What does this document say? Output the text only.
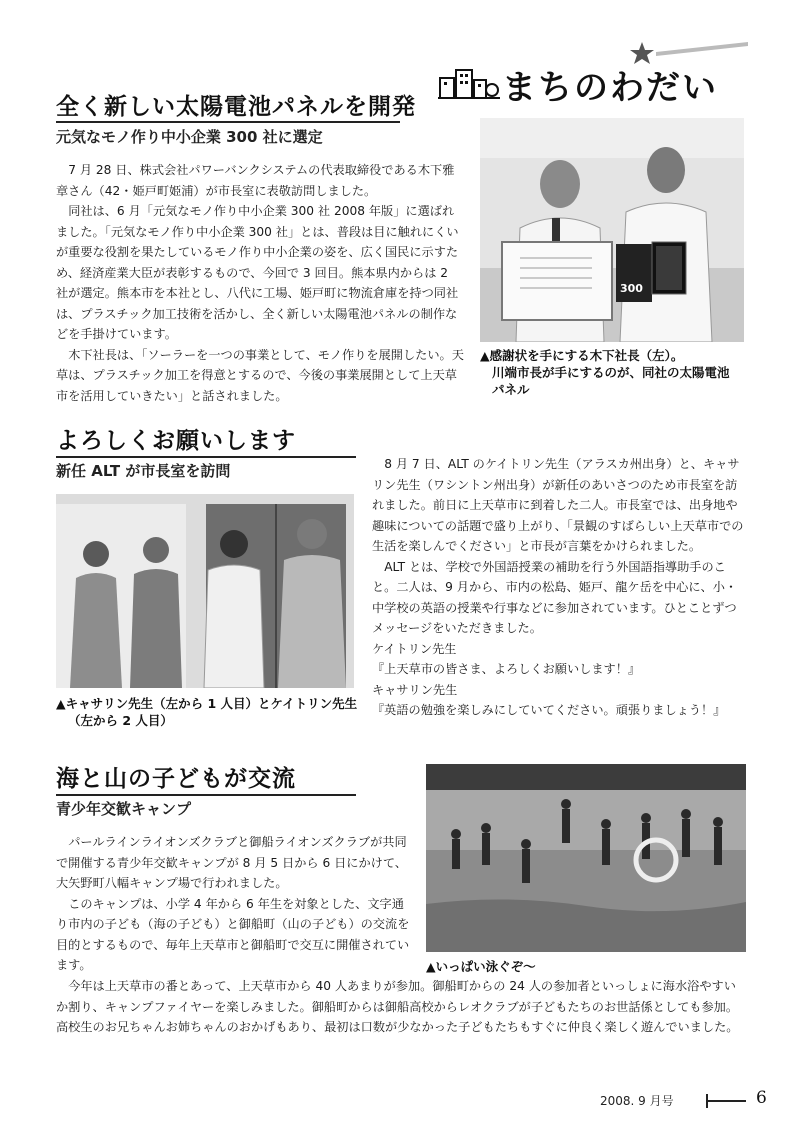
まちのわだい
全く新しい太陽電池パネルを開発
元気なモノ作り中小企業 300 社に選定

7 月 28 日、株式会社パワーバンクシステムの代表取締役である木下雅章さん（42・姫戸町姫浦）が市長室に表敬訪問しました。

同社は、6 月「元気なモノ作り中小企業 300 社 2008 年版」に選ばれました。「元気なモノ作り中小企業 300 社」とは、普段は目に触れにくいが重要な役割を果たしているモノ作り中小企業の姿を、広く国民に示すため、経済産業大臣が表彰するもので、今回で 3 回目。熊本県内からは 2 社が選定。熊本市を本社とし、八代に工場、姫戸町に物流倉庫を持つ同社は、プラスチック加工技術を活かし、全く新しい太陽電池パネルの制作などを手掛けています。

木下社長は、「ソーラーを一つの事業として、モノ作りを展開したい。天草は、プラスチック加工を得意とするので、今後の事業展開として上天草市を活用していきたい」と話されました。

300
▲感謝状を手にする木下社長（左）。
川端市長が手にするのが、同社の太陽電池
パネル
よろしくお願いします
新任 ALT が市長室を訪問
▲キャサリン先生（左から 1 人目）とケイトリン先生
（左から 2 人目）

8 月 7 日、ALT のケイトリン先生（アラスカ州出身）と、キャサリン先生（ワシントン州出身）が新任のあいさつのため市長室を訪れました。前日に上天草市に到着した二人。市長室では、出身地や趣味についての話題で盛り上がり、「景観のすばらしい上天草市での生活を楽しんでください」と市長が言葉をかけられました。

ALT とは、学校で外国語授業の補助を行う外国語指導助手のこと。二人は、9 月から、市内の松島、姫戸、龍ケ岳を中心に、小・中学校の英語の授業や行事などに参加されています。ひとことずつメッセージをいただきました。

ケイトリン先生

『上天草市の皆さま、よろしくお願いします！』

キャサリン先生

『英語の勉強を楽しみにしていてください。頑張りましょう！』

海と山の子どもが交流
青少年交歓キャンプ
▲いっぱい泳ぐぞ〜

パールラインライオンズクラブと御船ライオンズクラブが共同で開催する青少年交歓キャンプが 8 月 5 日から 6 日にかけて、大矢野町八幅キャンプ場で行われました。

このキャンプは、小学 4 年から 6 年生を対象とした、文字通り市内の子ども（海の子ども）と御船町（山の子ども）の交流を目的とするもので、毎年上天草市と御船町で交互に開催されています。

今年は上天草市の番とあって、上天草市から 40 人あまりが参加。御船町からの 24 人の参加者といっしょに海水浴やすいか割り、キャンプファイヤーを楽しみました。御船町からは御船高校からレオクラブが子どもたちのお世話係としても参加。高校生のお兄ちゃんお姉ちゃんのおかげもあり、最初は口数が少なかった子どもたちもすぐに仲良く楽しく遊んでいました。

2008. 9 月号	6
